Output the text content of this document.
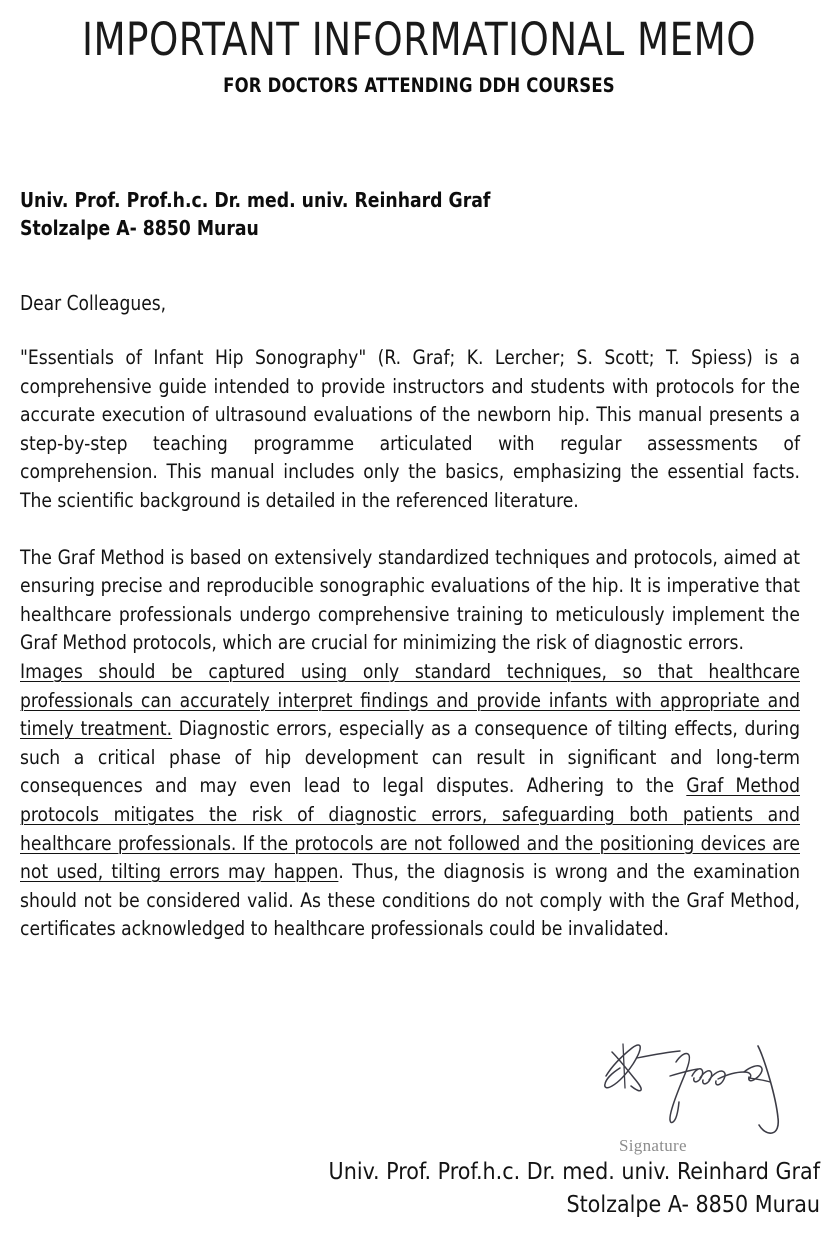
IMPORTANT INFORMATIONAL MEMO
FOR DOCTORS ATTENDING DDH COURSES
Univ. Prof. Prof.h.c. Dr. med. univ. Reinhard Graf
Stolzalpe A- 8850 Murau
Dear Colleagues,

"Essentials of Infant Hip Sonography" (R. Graf; K. Lercher; S. Scott; T. Spiess) is a comprehensive guide intended to provide instructors and students with protocols for the accurate execution of ultrasound evaluations of the newborn hip. This manual presents a step-by-step teaching programme articulated with regular assessments of comprehension. This manual includes only the basics, emphasizing the essential facts. The scientific background is detailed in the referenced literature.

The Graf Method is based on extensively standardized techniques and protocols, aimed at ensuring precise and reproducible sonographic evaluations of the hip. It is imperative that healthcare professionals undergo comprehensive training to meticulously implement the Graf Method protocols, which are crucial for minimizing the risk of diagnostic errors.

Images should be captured using only standard techniques, so that healthcare professionals can accurately interpret findings and provide infants with appropriate and timely treatment. Diagnostic errors, especially as a consequence of tilting effects, during such a critical phase of hip development can result in significant and long-term consequences and may even lead to legal disputes. Adhering to the Graf Method protocols mitigates the risk of diagnostic errors, safeguarding both patients and healthcare professionals. If the protocols are not followed and the positioning devices are not used, tilting errors may happen. Thus, the diagnosis is wrong and the examination should not be considered valid. As these conditions do not comply with the Graf Method, certificates acknowledged to healthcare professionals could be invalidated.

Signature
Univ. Prof. Prof.h.c. Dr. med. univ. Reinhard Graf
Stolzalpe A- 8850 Murau
